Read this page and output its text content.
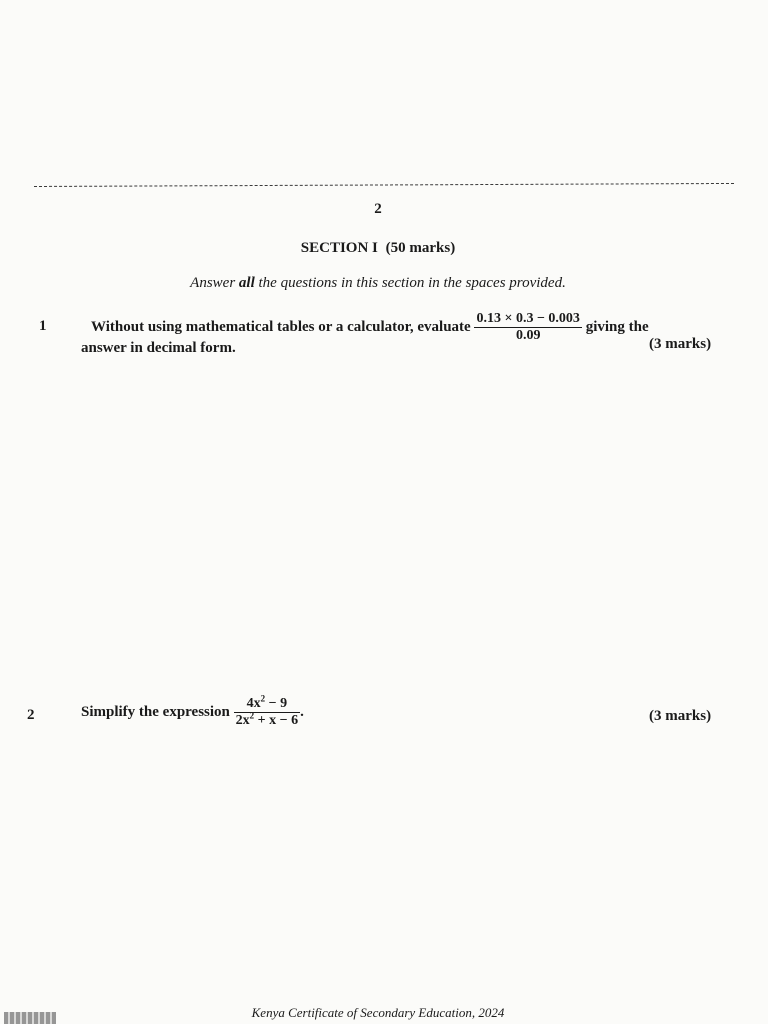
2
SECTION I (50 marks)
Answer all the questions in this section in the spaces provided.
1	Without using mathematical tables or a calculator, evaluate $\frac{0.13 \times 0.3 - 0.003}{0.09}$ giving the
answer in decimal form.	(3 marks)
2	Simplify the expression $\frac{4x^2 - 9}{2x^2 + x - 6}$ .	(3 marks)
Kenya Certificate of Secondary Education, 2024
